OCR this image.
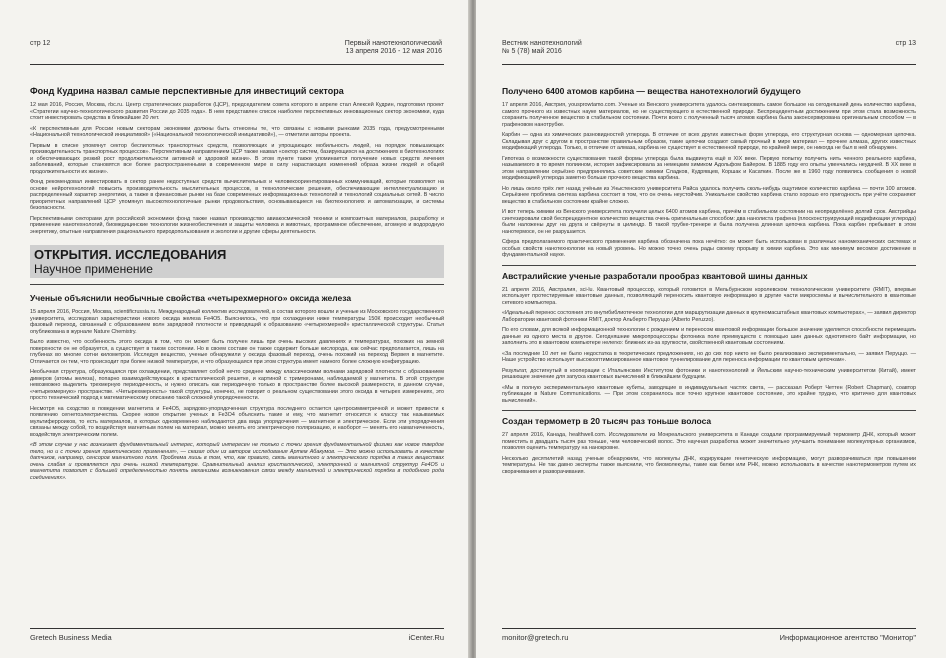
стр 12	Первый нанотехнологический
13 апреля 2016 - 12 мая 2016
Фонд Кудрина назвал самые перспективные для инвестиций сектора

12 мая 2016, Россия, Москва, rbc.ru. Центр стратегических разработок (ЦСР), председателем совета которого в апреле стал Алексей Кудрин, подготовил проект «Стратегии научно-технологического развития России до 2035 года». В нем представлен список наиболее перспективных инновационных сектор экономики, куда стоит инвестировать средства в ближайшие 20 лет.

«К перспективным для России новым секторам экономики должны быть отнесены те, что связаны с новыми рынками 2035 года, предусмотренными «Национальной технологической инициативой» («Национальной технологической инициативой»), — отметили авторы проекта.

Первым в списке упомянут сектор беспилотных транспортных средств, позволяющих и упрощающих мобильность людей, на порядок повышающих производительность транспортных процессов». Перспективным направлением ЦСР также назвал «сектор систем, базирующихся на достижениях в биотехнологиях и обеспечивающих резкий рост продолжительности активной и здоровой жизни». В этом пункте также упоминается получение новых средств лечения заболеваний, которые становятся все более распространенными в современном мире в силу нарастающих изменений образа жизни людей и общей продолжительности их жизни».

Фонд рекомендовал инвестировать в сектор ранее недоступных средств вычислительных и человекоориентированных коммуникаций, которые позволяют на основе нейротехнологий повысить производительность мыслительных процессов, в технологические решения, обеспечивающие интеллектуализацию и распределенный характер энергетики, а также в финансовые рынки на базе современных информационных технологий и технологий социальных сетей. В число приоритетных направлений ЦСР упомянул высокотехнологичные рынки продовольствия, основывающиеся на биотехнологиях и автоматизации, и системы безопасности.

Перспективными секторами для российской экономики фонд также назвал производство авиакосмической техники и композитных материалов, разработку и применение нанотехнологий, биомедицинские технологии жизнеобеспечения и защиты человека и животных, программное обеспечение, атомную и водородную энергетику, опытные направления рационального природопользования и экологии и другие сферы деятельности.

ОТКРЫТИЯ. ИССЛЕДОВАНИЯ
Научное применение
Ученые объяснили необычные свойства «четырехмерного» оксида железа

15 апреля 2016, Россия, Москва, scientificrussia.ru. Международный коллектив исследователей, в состав которого вошли и ученые из Московского государственного университета, исследовал характеристики нового оксида железа Fe4O5. Выяснилось, что при охлаждении ниже температуры 150К происходит необычный фазовый переход, связанный с образованием волн зарядовой плотности и приводящий к образованию «четырехмерной» кристаллической структуры. Статья опубликована в журнале Nature Chemistry.

Было известно, что особенность этого оксида в том, что он может быть получен лишь при очень высоких давлениях и температурах, похожих на земной поверхности он не образуется, а существует в таком состоянии. Но в своем составе он также содержит больше кислорода, как сейчас предполагается, лишь на глубинах во многие сотни километров. Исследуя вещество, ученые обнаружили у оксида фазовый переход, очень похожий на переход Вервея в магнетите. Отличается он тем, что происходит при более низкой температуре, и что образующаяся при этом структура имеет намного более сложную конфигурацию.

Необычная структура, образующаяся при охлаждении, представляет собой нечто среднее между классическими волнами зарядовой плотности с образованием димеров (атомы железа), попарно взаимодействующих в кристаллической решетке, и картиной с тримеронами, наблюдаемой у магнетита. В этой структуре невозможно выделить трехмерную периодичность, и нужно описать как периодичную только в пространстве более высокой размерности, в данном случае, «четырехмерную» пространстве. «Четырехмерность» такой структуры, конечно, не говорит о реальном существовании этого оксида в четырех измерениях, это просто технический подход к математическому описанию такой сложной упорядоченности.

Несмотря на сходство в поведении магнетита и Fe4O5, зарядово-упорядоченная структура последнего остается центросимметричной и может привести к появлению сегнетоэлектричества. Скорее новое открытие ученых в Fe3O4 объяснить такие и ему, что магнетит относится к классу так называемых мультиферроиков, то есть материалов, в которых одновременно наблюдаются два вида упорядочения — магнитное и электрическое. Если эти упорядочения связаны между собой, то воздействуя магнитным полем на материал, можно менять его электрическую поляризацию, и наоборот — менять его намагниченность, воздействуя электрическим полем.

«В этом случае у нас возникает фундаментальный интерес, который интересен не только с точки зрения фундаментальной физики как новое твердое тело, но и с точки зрения практического применения», — сказал один из авторов исследования Артем Абакумов. — Это можно использовать в качестве датчиков, например, сенсоров магнитного поля. Проблема лишь в том, что, как правило, связь магнитного и электрического порядка в таких веществах очень слабая и проявляется при очень низкой температуре. Сравнительный анализ кристаллической, электронной и магнитной структур Fe4O5 и магнетита позволит с большей определенностью понять механизмы возникновения связи между магнитной и электрической порядка в подобного рода соединениях».

Gretech Business Media	iCenter.Ru
Вестник нанотехнологий
№ 5 (78) май 2016
стр 13
Получено 6400 атомов карбина — вещества нанотехнологий будущего

17 апреля 2016, Австрия, yousprowtamo.com. Ученые из Венского университета удалось синтезировать самое большое на сегодняшний день количество карбина, самого прочного из известных науке материалов, но не существующего в естественной природе. Беспрецедентным достижением при этом стала возможность сохранить полученное вещество в стабильном состоянии. Почти всего с полученный тысяч атомов карбина была законсервирована оригинальным способом — в графеновом нанотрубке.

Карбин — одна из химических разновидностей углерода. В отличие от всех других известных форм углерода, его структурная основа — одномерная цепочка. Складывая друг с другом в пространстве правильным образом, такие цепочки создают самый прочный в мире материал — прочнее алмаза, других известных модификаций углерода. Только, в отличие от алмаза, карбина не существует в естественной природе, по крайней мере, он никогда не был в ней обнаружен.

Гипотеза о возможности существования такой формы углерода была выдвинута ещё в XIX веке. Первую попытку получить нить ченного реального карбина, называемого в то время полиином, история зафиксировала за немецким химиком Адольфом Байером. В 1885 году его опыты увенчались неудачей. В XX веке в этом направлении серьёзно предпринялись советские химики Сладков, Кудрявцев, Коршак и Касаткин. После же в 1960 году появились сообщения о новой модификацией углерода заметно больше прочного вещества карбина.

Но лишь около трёх лет назад учёным из Уныстенского университета Райса удалось получить сколь-нибудь ощутимое количество карбина — почти 100 атомов. Серьёзнее проблема синтеза карбина состоит в том, что он очень неустойчив. Уникальное свойство карбина стало хорошо его пригодность при учёте сохраняют вещество в стабильном состоянии крайне сложно.

И вот теперь химики из Венского университета получили целых 6400 атомов карбина, причём в стабильном состоянии на неопределённо долгий срок. Австрийцы синтезировали свой беспрецедентное количество вещества очень оригинальным способом: два нанолиста графена (плосконструирующий модификации углерода) были наложены друг на друга и свёрнуты в цилиндр. В такой трубке-тренере и была получена длинная цепочка карбина. Пока карбин пребывает в этом нанотермосе, он не разрушается.

Сфера предполагаемого практического применения карбина обозначена пока нечётко: он может быть использован в различных наномеханических системах и особых свойств нанотехнологии на новый уровень. Но можно точно очень рады своему прорыву в химии карбина. Это как минимум весомое достижение в фундаментальной науке.

Австралийские ученые разработали прообраз квантовой шины данных

21 апреля 2016, Австралия, sci-lu. Квантовый процессор, который готовится в Мельбурнском королевском технологическом университете (RMIT), впервые использует протестируемые квантовые данных, позволяющий переносить квантовую информацию в другие части микросхемы и вычислительного в квантовые сетевого компьютера.

«Идеальный перенос состояния это внутибиблиотечное технологии для маршрутизации данных в крупномасштабных квантовых компьютерах», — заявил директор Лаборатории квантовой фотоники RMIT, доктор Альберто Перуццо (Alberto Peruzzo).

По его словам, для всякой информационной технологии с рождением и переносом квантовой информации большое значение уделяется способности перемещать данные из одного места в другое. Сегодняшние микропроцессоры фотоника поле преимуществ с помощью шин данных однотипного байт информации, но заполнить это в квантовом компьютере нелегко: ближних из-за хрупкости, свойственной квантовым состояниям.

«За последние 10 лет не было недостатка в теоретических предложениях, но до сих пор никто не было реализовано экспериментально, — заявил Перуццо. — Наше устройство использует высокооптимизированное квантовое туннелирование для переноса информации по квантовым цепочкам».

Результат, достигнутый в кооперации с Итальянским Институтом фотоники и нанотехнологий и Йельским научно-техническим университетом (Китай), имеет решающее значение для запуска квантовых вычислений в ближайшем будущем.

«Мы в полную экспериментальную квантовые кубиты, заводящие в индивидуальных частях света, — рассказал Роберт Четтен (Robert Chapman), соавтор публикации в Nature Communications. — При этом сохранилось все точно крупное квантовое состояние, это крайне трудно, что критично для квантовых вычислений».

Создан термометр в 20 тысяч раз тоньше волоса

27 апреля 2016, Канада, healthwell.com. Исследователи из Монреальского университета в Канаде создали программируемый термометр ДНК, который может поместить в двадцать тысяч раз тоньше, чем человеческий волос. Это научная разработка может значительно улучшить понимание молекулярных организмов, позволяя оценить температуру на нанокровне.

Несколько десятилетий назад ученые обнаружили, что молекулы ДНК, кодирующие генетическую информацию, могут разворачиваться при повышении температуры. Не так давно эксперты также выяснили, что биомолекулы, такие как белки или РНК, можно использовать в качестве нанотермометров путем их сворачивания и разворачивания.

monitor@gretech.ru	Информационное агентство "Монитор"
